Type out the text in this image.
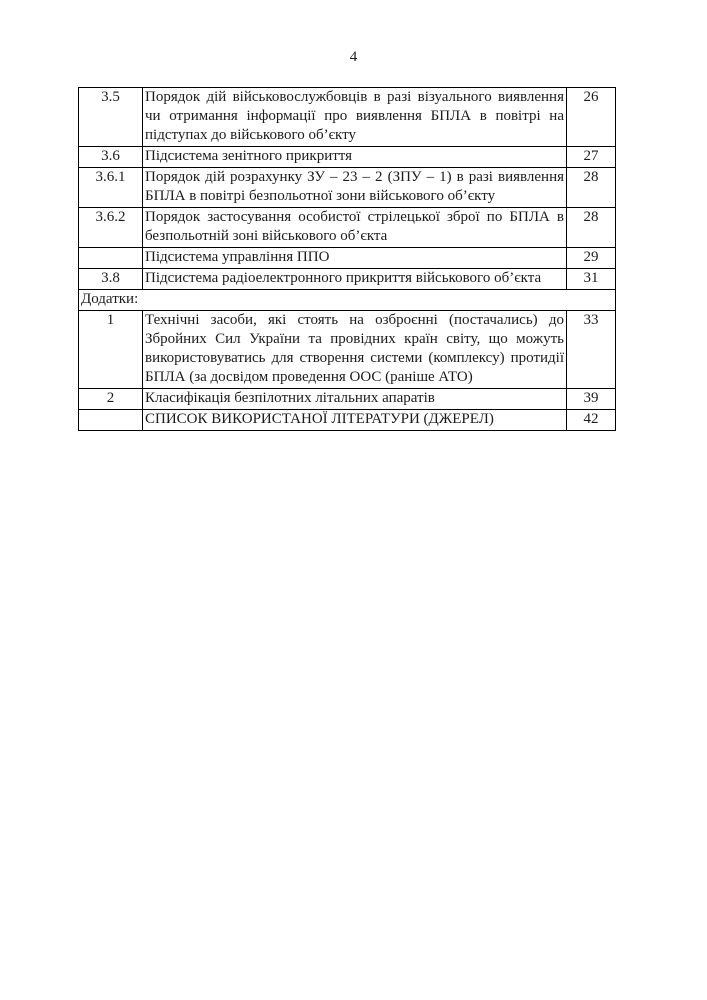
4
3.5	Порядок дій військовослужбовців в разі візуального виявлення чи отримання інформації про виявлення БПЛА в повітрі на підступах до військового об’єкту	26
3.6	Підсистема зенітного прикриття	27
3.6.1	Порядок дій розрахунку ЗУ – 23 – 2 (ЗПУ – 1) в разі виявлення БПЛА в повітрі безпольотної зони військового об’єкту	28
3.6.2	Порядок застосування особистої стрілецької зброї по БПЛА в безпольотній зоні військового об’єкта	28
	Підсистема управління ППО	29
3.8	Підсистема радіоелектронного прикриття військового об’єкта	31
Додатки:		
1	Технічні засоби, які стоять на озброєнні (постачались) до Збройних Сил України та провідних країн світу, що можуть використовуватись для створення системи (комплексу) протидії БПЛА (за досвідом проведення ООС (раніше АТО)	33
2	Класифікація безпілотних літальних апаратів	39
	СПИСОК ВИКОРИСТАНОЇ ЛІТЕРАТУРИ (ДЖЕРЕЛ)	42
